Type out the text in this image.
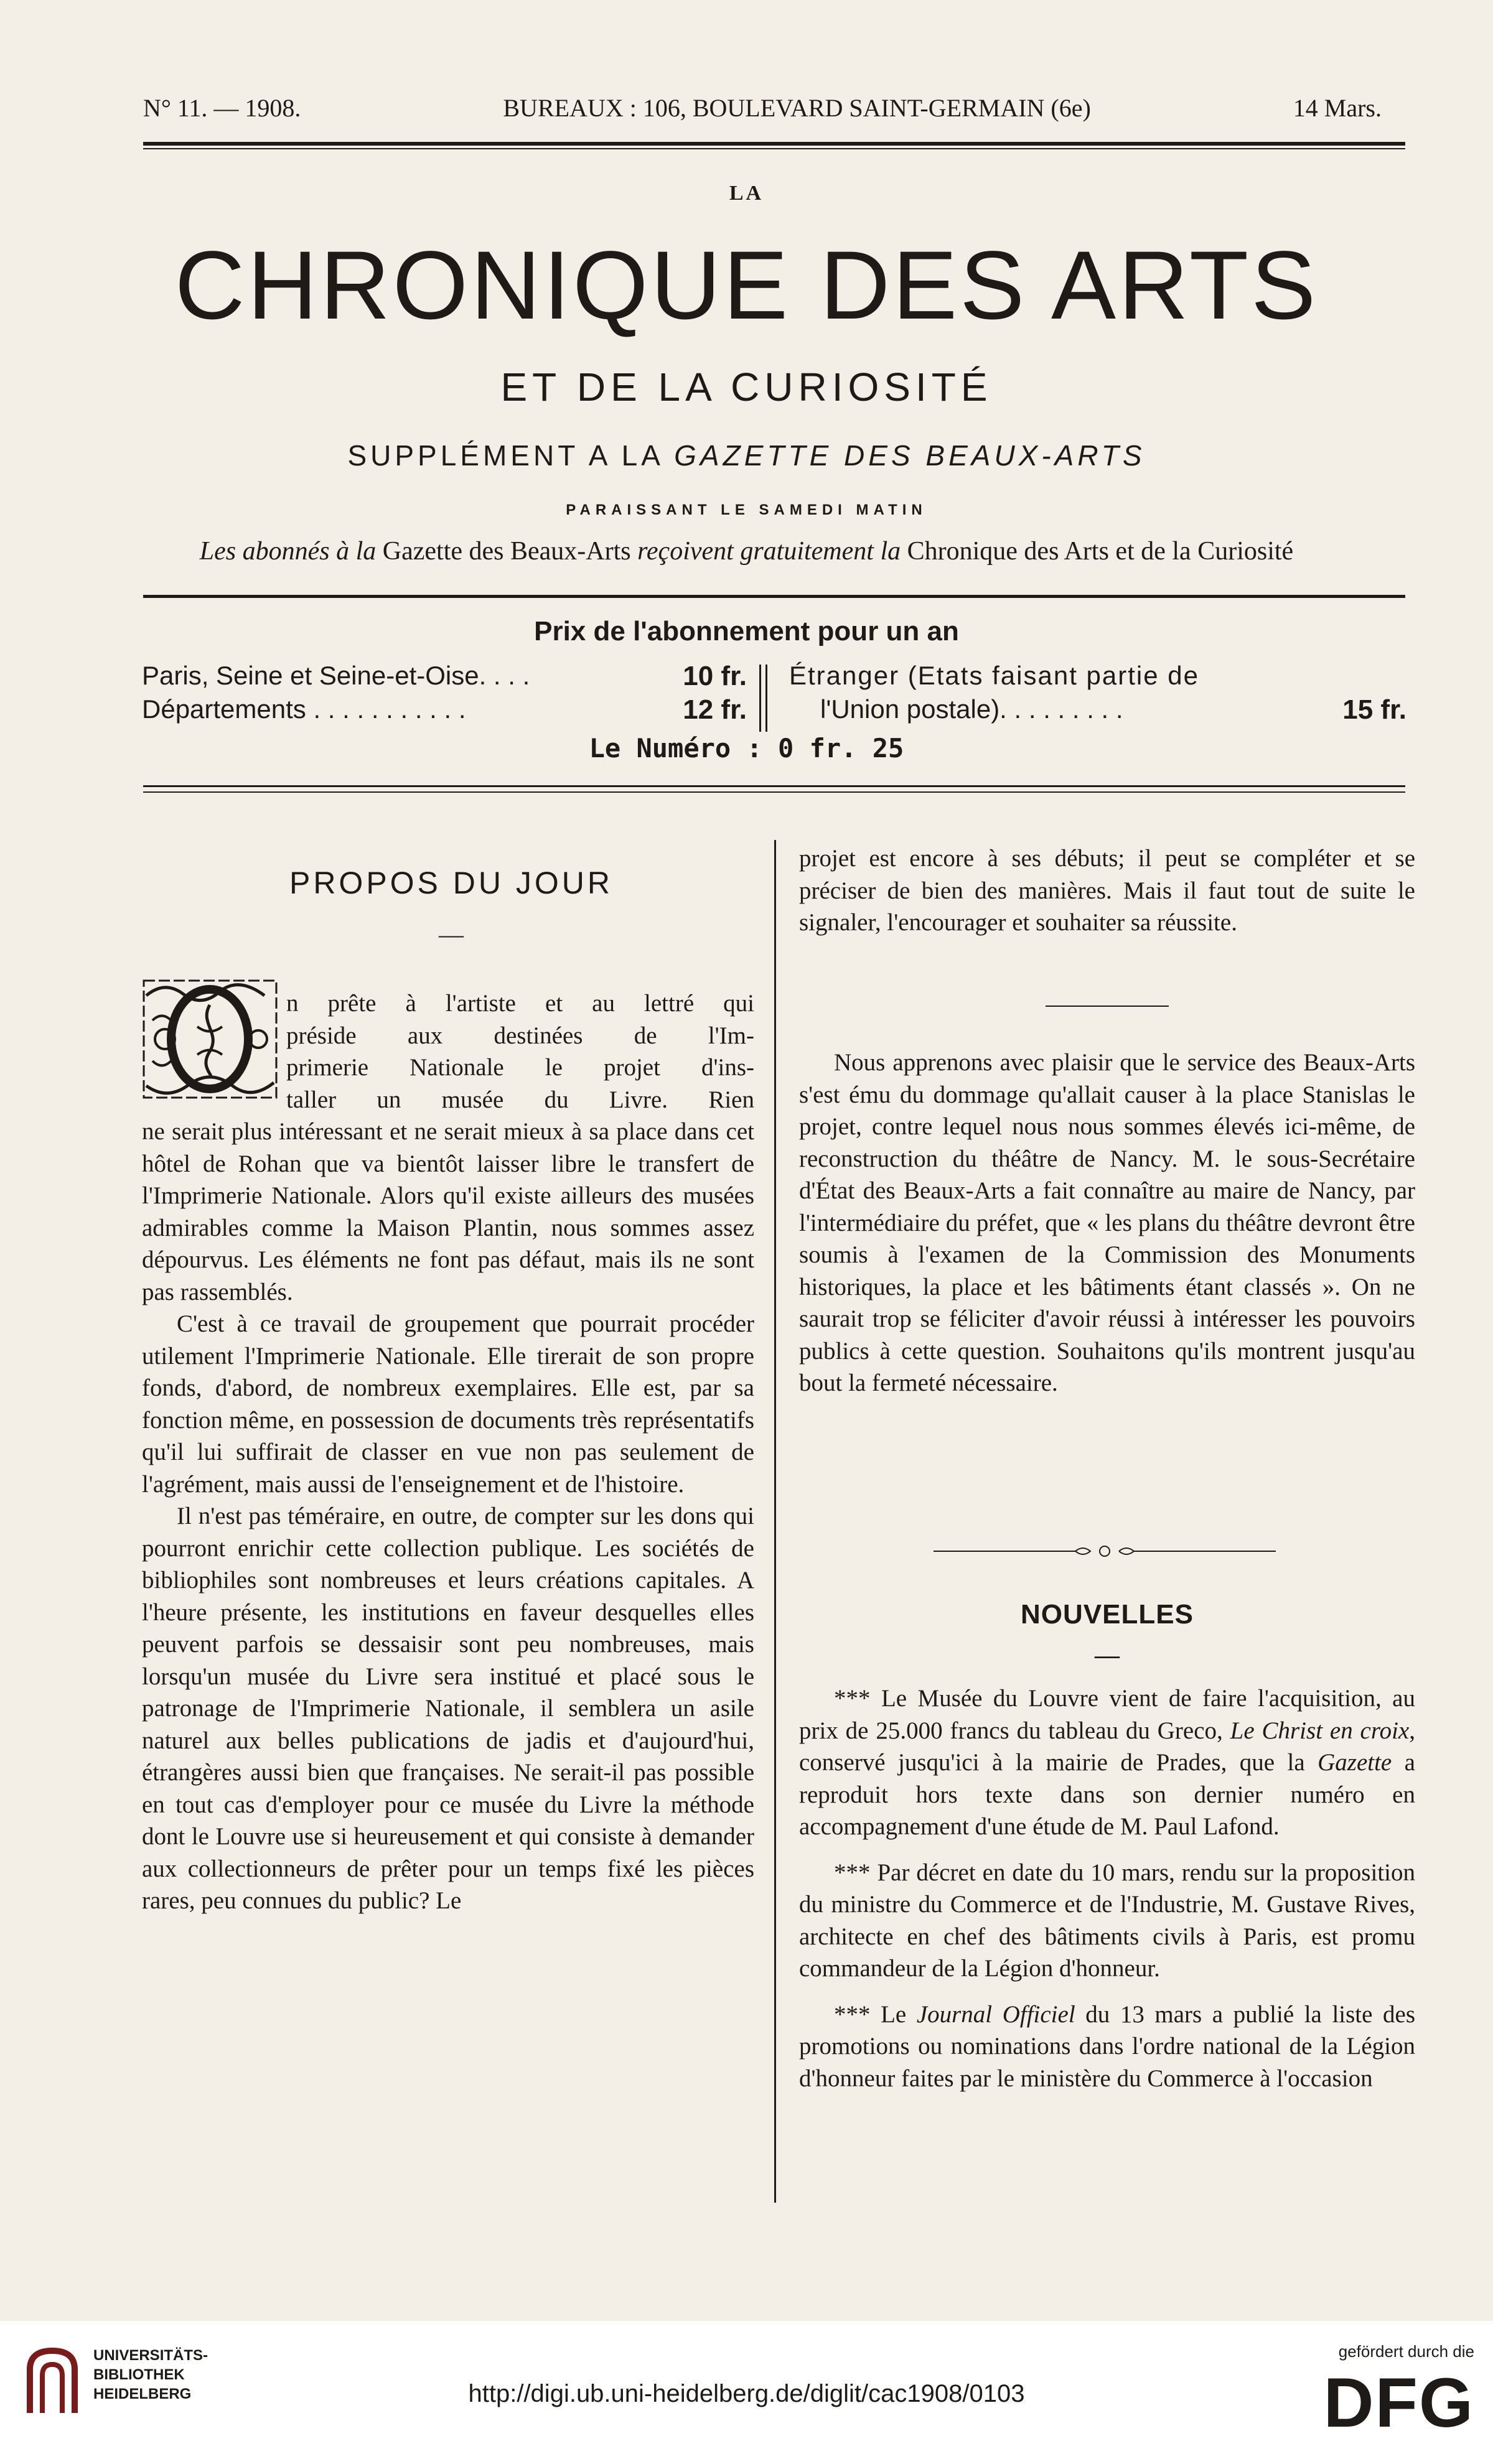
N° 11. — 1908.	BUREAUX : 106, BOULEVARD SAINT-GERMAIN (6e)	14 Mars.
LA
CHRONIQUE DES ARTS
ET DE LA CURIOSITÉ
SUPPLÉMENT A LA GAZETTE DES BEAUX-ARTS
PARAISSANT LE SAMEDI MATIN
Les abonnés à la Gazette des Beaux-Arts reçoivent gratuitement la Chronique des Arts et de la Curiosité
Prix de l'abonnement pour un an
Paris, Seine et Seine-et-Oise. . . .	10 fr.
Départements . . . . . . . . . . .	12 fr.
Étranger (Etats faisant partie de
l'Union postale). . . . . . . . .	15 fr.
Le Numéro : 0 fr. 25
PROPOS DU JOUR
—
n prête à l'artiste et au lettré qui
préside aux destinées de l'Im-
primerie Nationale le projet d'ins-
taller un musée du Livre. Rien

ne serait plus intéressant et ne serait mieux à sa place dans cet hôtel de Rohan que va bientôt laisser libre le transfert de l'Imprimerie Nationale. Alors qu'il existe ailleurs des musées admirables comme la Maison Plantin, nous sommes assez dépourvus. Les éléments ne font pas défaut, mais ils ne sont pas rassemblés.

C'est à ce travail de groupement que pourrait procéder utilement l'Imprimerie Nationale. Elle tirerait de son propre fonds, d'abord, de nombreux exemplaires. Elle est, par sa fonction même, en possession de documents très représentatifs qu'il lui suffirait de classer en vue non pas seulement de l'agrément, mais aussi de l'enseignement et de l'histoire.

Il n'est pas téméraire, en outre, de compter sur les dons qui pourront enrichir cette collection publique. Les sociétés de bibliophiles sont nombreuses et leurs créations capitales. A l'heure présente, les institutions en faveur desquelles elles peuvent parfois se dessaisir sont peu nombreuses, mais lorsqu'un musée du Livre sera institué et placé sous le patronage de l'Imprimerie Nationale, il semblera un asile naturel aux belles publications de jadis et d'aujourd'hui, étrangères aussi bien que françaises. Ne serait-il pas possible en tout cas d'employer pour ce musée du Livre la méthode dont le Louvre use si heureusement et qui consiste à demander aux collectionneurs de prêter pour un temps fixé les pièces rares, peu connues du public? Le

projet est encore à ses débuts; il peut se compléter et se préciser de bien des manières. Mais il faut tout de suite le signaler, l'encourager et souhaiter sa réussite.

Nous apprenons avec plaisir que le service des Beaux-Arts s'est ému du dommage qu'allait causer à la place Stanislas le projet, contre lequel nous nous sommes élevés ici-même, de reconstruction du théâtre de Nancy. M. le sous-Secrétaire d'État des Beaux-Arts a fait connaître au maire de Nancy, par l'intermédiaire du préfet, que « les plans du théâtre devront être soumis à l'examen de la Commission des Monuments historiques, la place et les bâtiments étant classés ». On ne saurait trop se féliciter d'avoir réussi à intéresser les pouvoirs publics à cette question. Souhaitons qu'ils montrent jusqu'au bout la fermeté nécessaire.

NOUVELLES
—

*** Le Musée du Louvre vient de faire l'acquisition, au prix de 25.000 francs du tableau du Greco, Le Christ en croix, conservé jusqu'ici à la mairie de Prades, que la Gazette a reproduit hors texte dans son dernier numéro en accompagnement d'une étude de M. Paul Lafond.

*** Par décret en date du 10 mars, rendu sur la proposition du ministre du Commerce et de l'Industrie, M. Gustave Rives, architecte en chef des bâtiments civils à Paris, est promu commandeur de la Légion d'honneur.

*** Le Journal Officiel du 13 mars a publié la liste des promotions ou nominations dans l'ordre national de la Légion d'honneur faites par le ministère du Commerce à l'occasion

UNIVERSITÄTS-
BIBLIOTHEK
HEIDELBERG	http://digi.ub.uni-heidelberg.de/diglit/cac1908/0103
gefördert durch die
DFG
